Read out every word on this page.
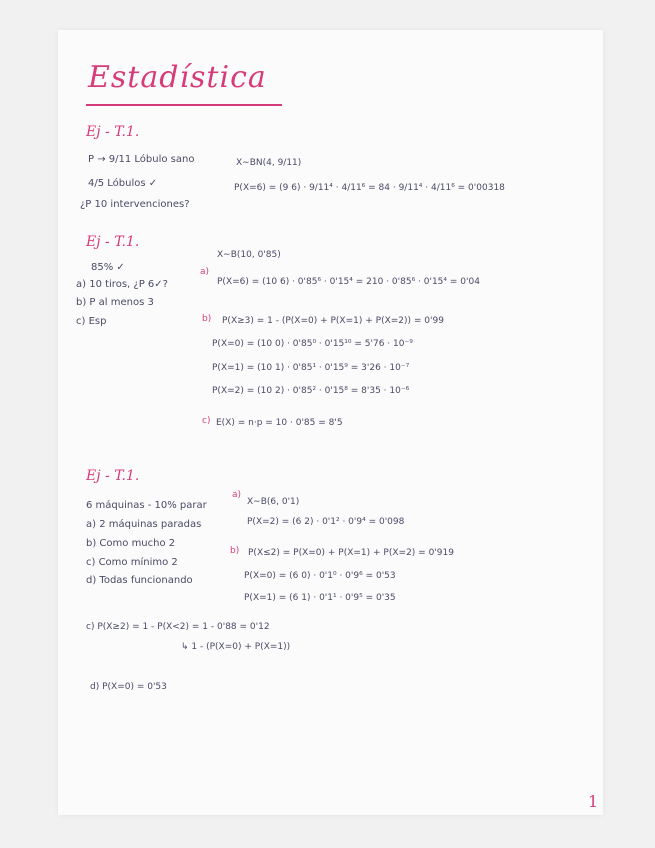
Estadística
Ej - T.1.
P → 9/11 Lóbulo sano
4/5 Lóbulos ✓
¿P 10 intervenciones?
X∼BN(4, 9/11)
P(X=6) = (9 6) · 9/11⁴ · 4/11⁶ = 84 · 9/11⁴ · 4/11⁶ = 0'00318
Ej - T.1.
85% ✓
a) 10 tiros, ¿P 6✓?
b) P al menos 3
c) Esp
X∼B(10, 0'85)
a)
P(X=6) = (10 6) · 0'85⁶ · 0'15⁴ = 210 · 0'85⁶ · 0'15⁴ = 0'04
b) P(X≥3) = 1 - (P(X=0) + P(X=1) + P(X=2)) = 0'99
P(X=0) = (10 0) · 0'85⁰ · 0'15¹⁰ = 5'76 · 10⁻⁹
P(X=1) = (10 1) · 0'85¹ · 0'15⁹ = 3'26 · 10⁻⁷
P(X=2) = (10 2) · 0'85² · 0'15⁸ = 8'35 · 10⁻⁶
c) E(X) = n·p = 10 · 0'85 = 8'5
Ej - T.1.
6 máquinas - 10% parar
a) 2 máquinas paradas
b) Como mucho 2
c) Como mínimo 2
d) Todas funcionando
a)
X∼B(6, 0'1)
P(X=2) = (6 2) · 0'1² · 0'9⁴ = 0'098
b) P(X≤2) = P(X=0) + P(X=1) + P(X=2) = 0'919
P(X=0) = (6 0) · 0'1⁰ · 0'9⁶ = 0'53
P(X=1) = (6 1) · 0'1¹ · 0'9⁵ = 0'35
c) P(X≥2) = 1 - P(X<2) = 1 - 0'88 = 0'12
↳ 1 - (P(X=0) + P(X=1))
d) P(X=0) = 0'53
1
